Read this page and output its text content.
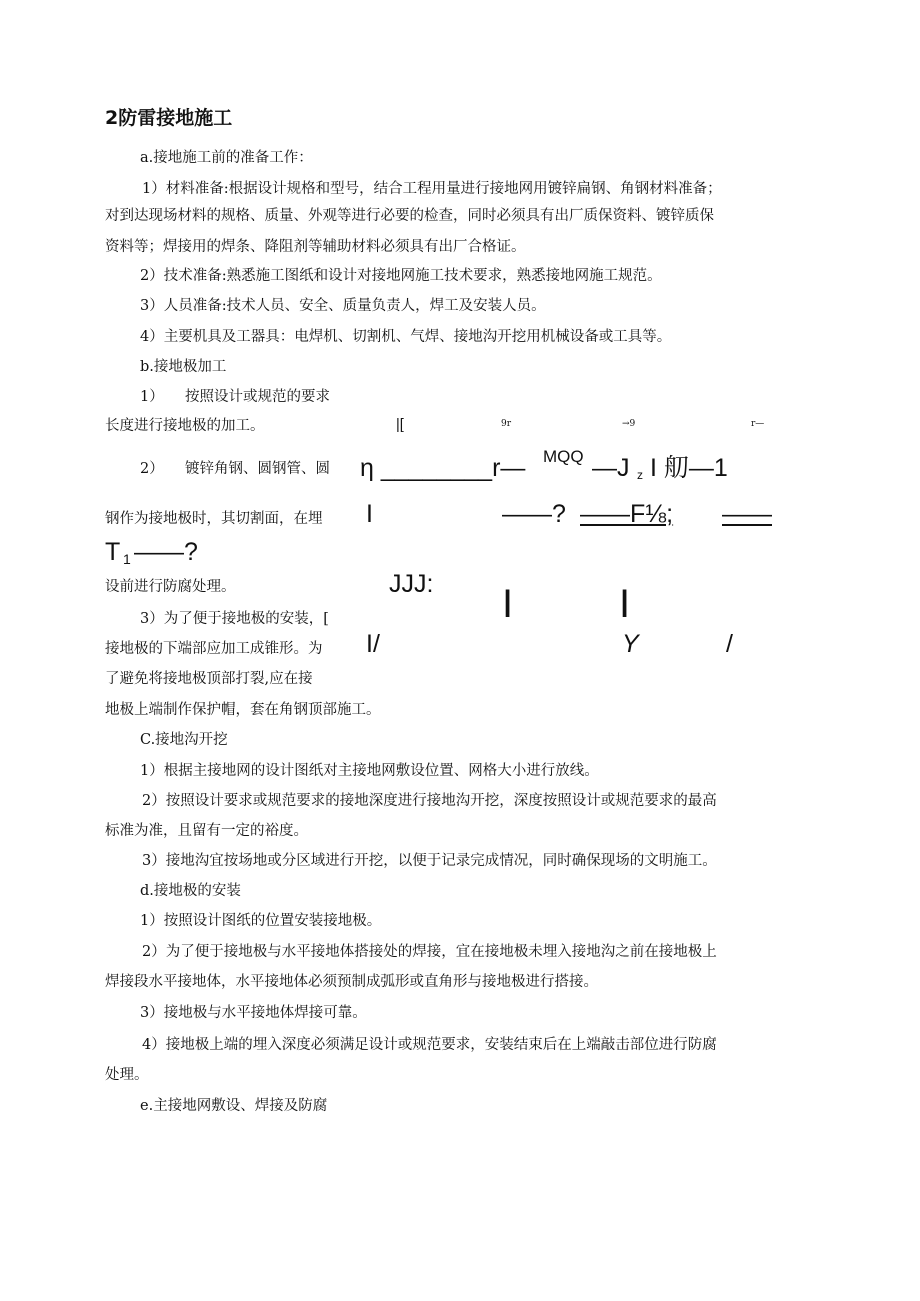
2防雷接地施工
a.接地施工前的准备工作：
1）材料准备:根据设计规格和型号，结合工程用量进行接地网用镀锌扁钢、角钢材料准备；
对到达现场材料的规格、质量、外观等进行必要的检查，同时必须具有出厂质保资料、镀锌质保
资料等；焊接用的焊条、降阻剂等辅助材料必须具有出厂合格证。
2）技术准备:熟悉施工图纸和设计对接地网施工技术要求，熟悉接地网施工规范。
3）人员准备:技术人员、安全、质量负责人，焊工及安装人员。
4）主要机具及工器具：电焊机、切割机、气焊、接地沟开挖用机械设备或工具等。
b.接地极加工
1） 按照设计或规范的要求
长度进行接地极的加工。
2） 镀锌角钢、圆钢管、圆
钢作为接地极时，其切割面，在埋
设前进行防腐处理。
3）为了便于接地极的安装，[
接地极的下端部应加工成锥形。为
了避免将接地极顶部打裂,应在接
地极上端制作保护帽，套在角钢顶部施工。
|[	9r	→9	r—
η ________r— MQQ —J z I 舠—1
I	——? ——F⅛; ——
T 1 ——?
JJJ: I	I
I/	Y	/
C.接地沟开挖
1）根据主接地网的设计图纸对主接地网敷设位置、网格大小进行放线。
2）按照设计要求或规范要求的接地深度进行接地沟开挖，深度按照设计或规范要求的最高
标准为准，且留有一定的裕度。
3）接地沟宜按场地或分区域进行开挖，以便于记录完成情况，同时确保现场的文明施工。
d.接地极的安装
1）按照设计图纸的位置安装接地极。
2）为了便于接地极与水平接地体搭接处的焊接，宜在接地极未埋入接地沟之前在接地极上
焊接段水平接地体，水平接地体必须预制成弧形或直角形与接地极进行搭接。
3）接地极与水平接地体焊接可靠。
4）接地极上端的埋入深度必须满足设计或规范要求，安装结束后在上端敲击部位进行防腐
处理。
e.主接地网敷设、焊接及防腐
